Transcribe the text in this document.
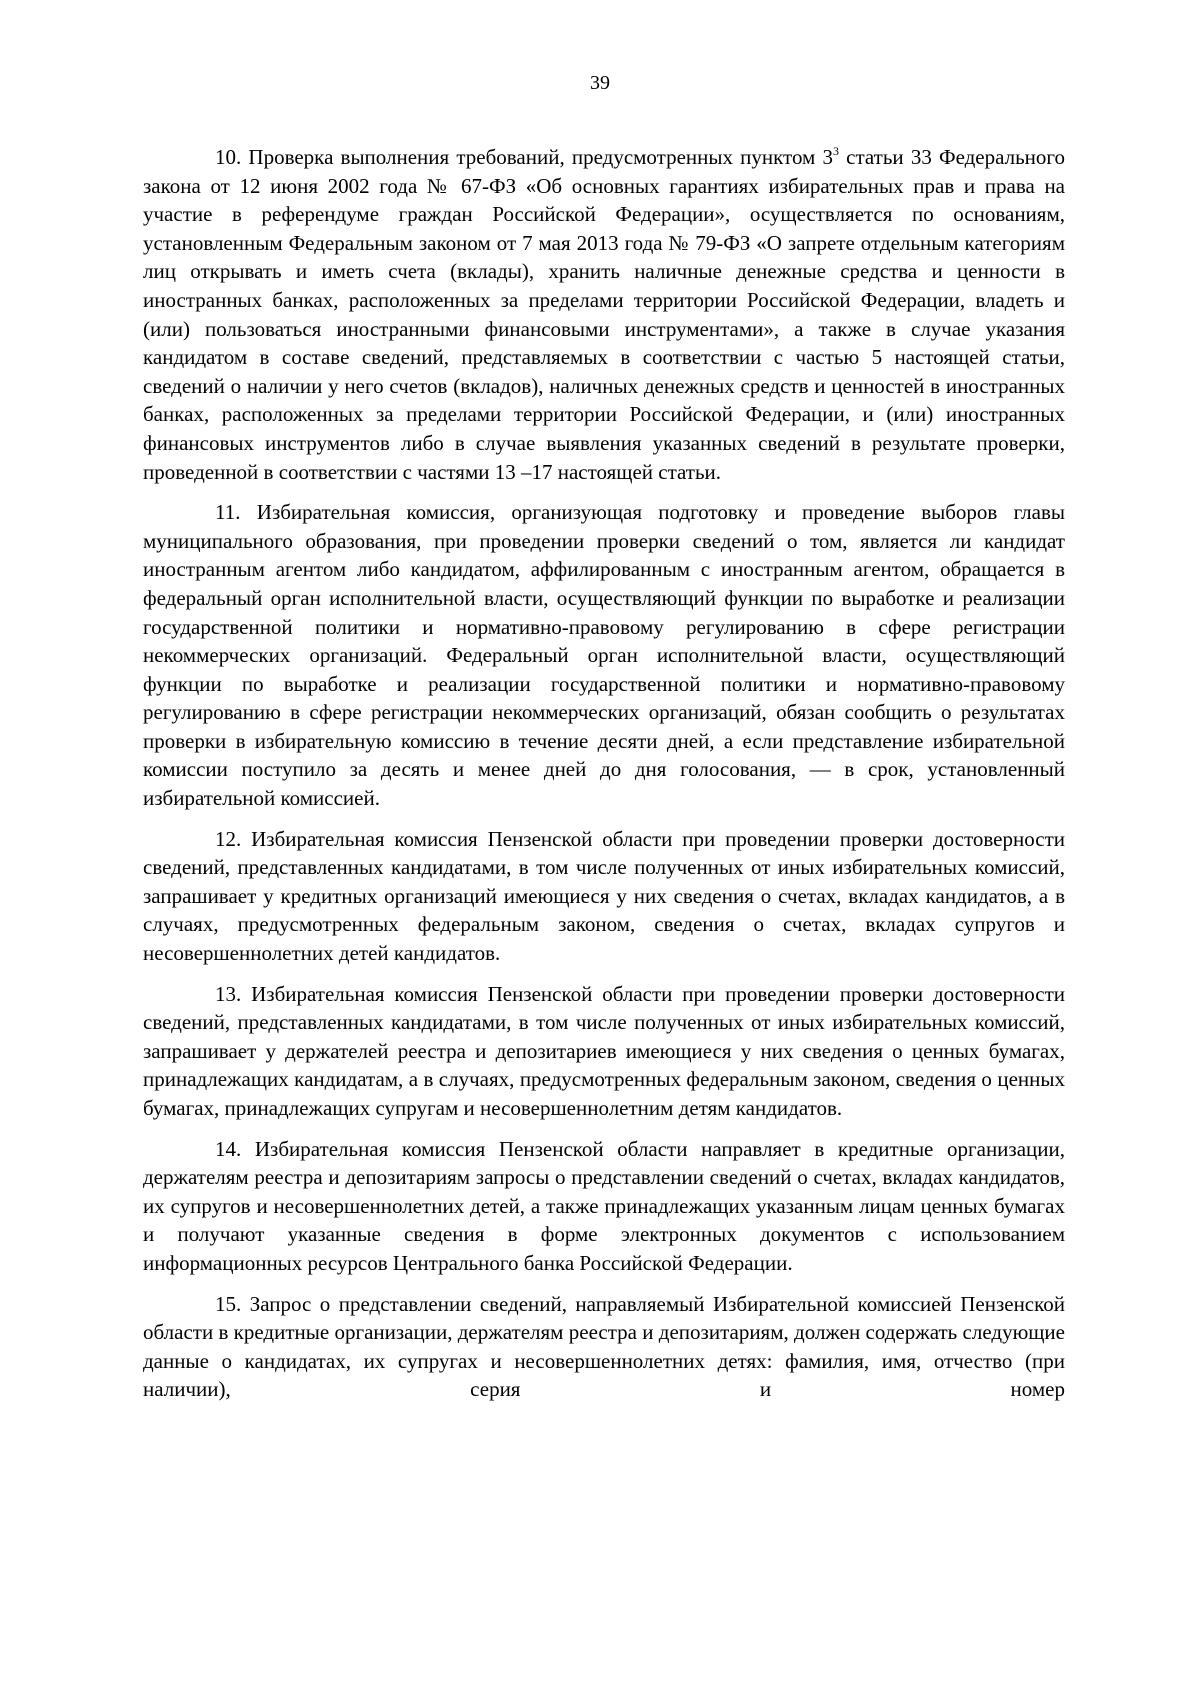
39

10. Проверка выполнения требований, предусмотренных пунктом $3^3$ статьи 33 Федерального закона от 12 июня 2002 года № 67-ФЗ «Об основных гарантиях избирательных прав и права на участие в референдуме граждан Российской Федерации», осуществляется по основаниям, установленным Федеральным законом от 7 мая 2013 года № 79-ФЗ «О запрете отдельным категориям лиц открывать и иметь счета (вклады), хранить наличные денежные средства и ценности в иностранных банках, расположенных за пределами территории Российской Федерации, владеть и (или) пользоваться иностранными финансовыми инструментами», а также в случае указания кандидатом в составе сведений, представляемых в соответствии с частью 5 настоящей статьи, сведений о наличии у него счетов (вкладов), наличных денежных средств и ценностей в иностранных банках, расположенных за пределами территории Российской Федерации, и (или) иностранных финансовых инструментов либо в случае выявления указанных сведений в результате проверки, проведенной в соответствии с частями 13 –17 настоящей статьи.

11. Избирательная комиссия, организующая подготовку и проведение выборов главы муниципального образования, при проведении проверки сведений о том, является ли кандидат иностранным агентом либо кандидатом, аффилированным с иностранным агентом, обращается в федеральный орган исполнительной власти, осуществляющий функции по выработке и реализации государственной политики и нормативно-правовому регулированию в сфере регистрации некоммерческих организаций. Федеральный орган исполнительной власти, осуществляющий функции по выработке и реализации государственной политики и нормативно-правовому регулированию в сфере регистрации некоммерческих организаций, обязан сообщить о результатах проверки в избирательную комиссию в течение десяти дней, а если представление избирательной комиссии поступило за десять и менее дней до дня голосования, — в срок, установленный избирательной комиссией.

12. Избирательная комиссия Пензенской области при проведении проверки достоверности сведений, представленных кандидатами, в том числе полученных от иных избирательных комиссий, запрашивает у кредитных организаций имеющиеся у них сведения о счетах, вкладах кандидатов, а в случаях, предусмотренных федеральным законом, сведения о счетах, вкладах супругов и несовершеннолетних детей кандидатов.

13. Избирательная комиссия Пензенской области при проведении проверки достоверности сведений, представленных кандидатами, в том числе полученных от иных избирательных комиссий, запрашивает у держателей реестра и депозитариев имеющиеся у них сведения о ценных бумагах, принадлежащих кандидатам, а в случаях, предусмотренных федеральным законом, сведения о ценных бумагах, принадлежащих супругам и несовершеннолетним детям кандидатов.

14. Избирательная комиссия Пензенской области направляет в кредитные организации, держателям реестра и депозитариям запросы о представлении сведений о счетах, вкладах кандидатов, их супругов и несовершеннолетних детей, а также принадлежащих указанным лицам ценных бумагах и получают указанные сведения в форме электронных документов с использованием информационных ресурсов Центрального банка Российской Федерации.

15. Запрос о представлении сведений, направляемый Избирательной комиссией Пензенской области в кредитные организации, держателям реестра и депозитариям, должен содержать следующие данные о кандидатах, их супругах и несовершеннолетних детях: фамилия, имя, отчество (при наличии), серия и номер
